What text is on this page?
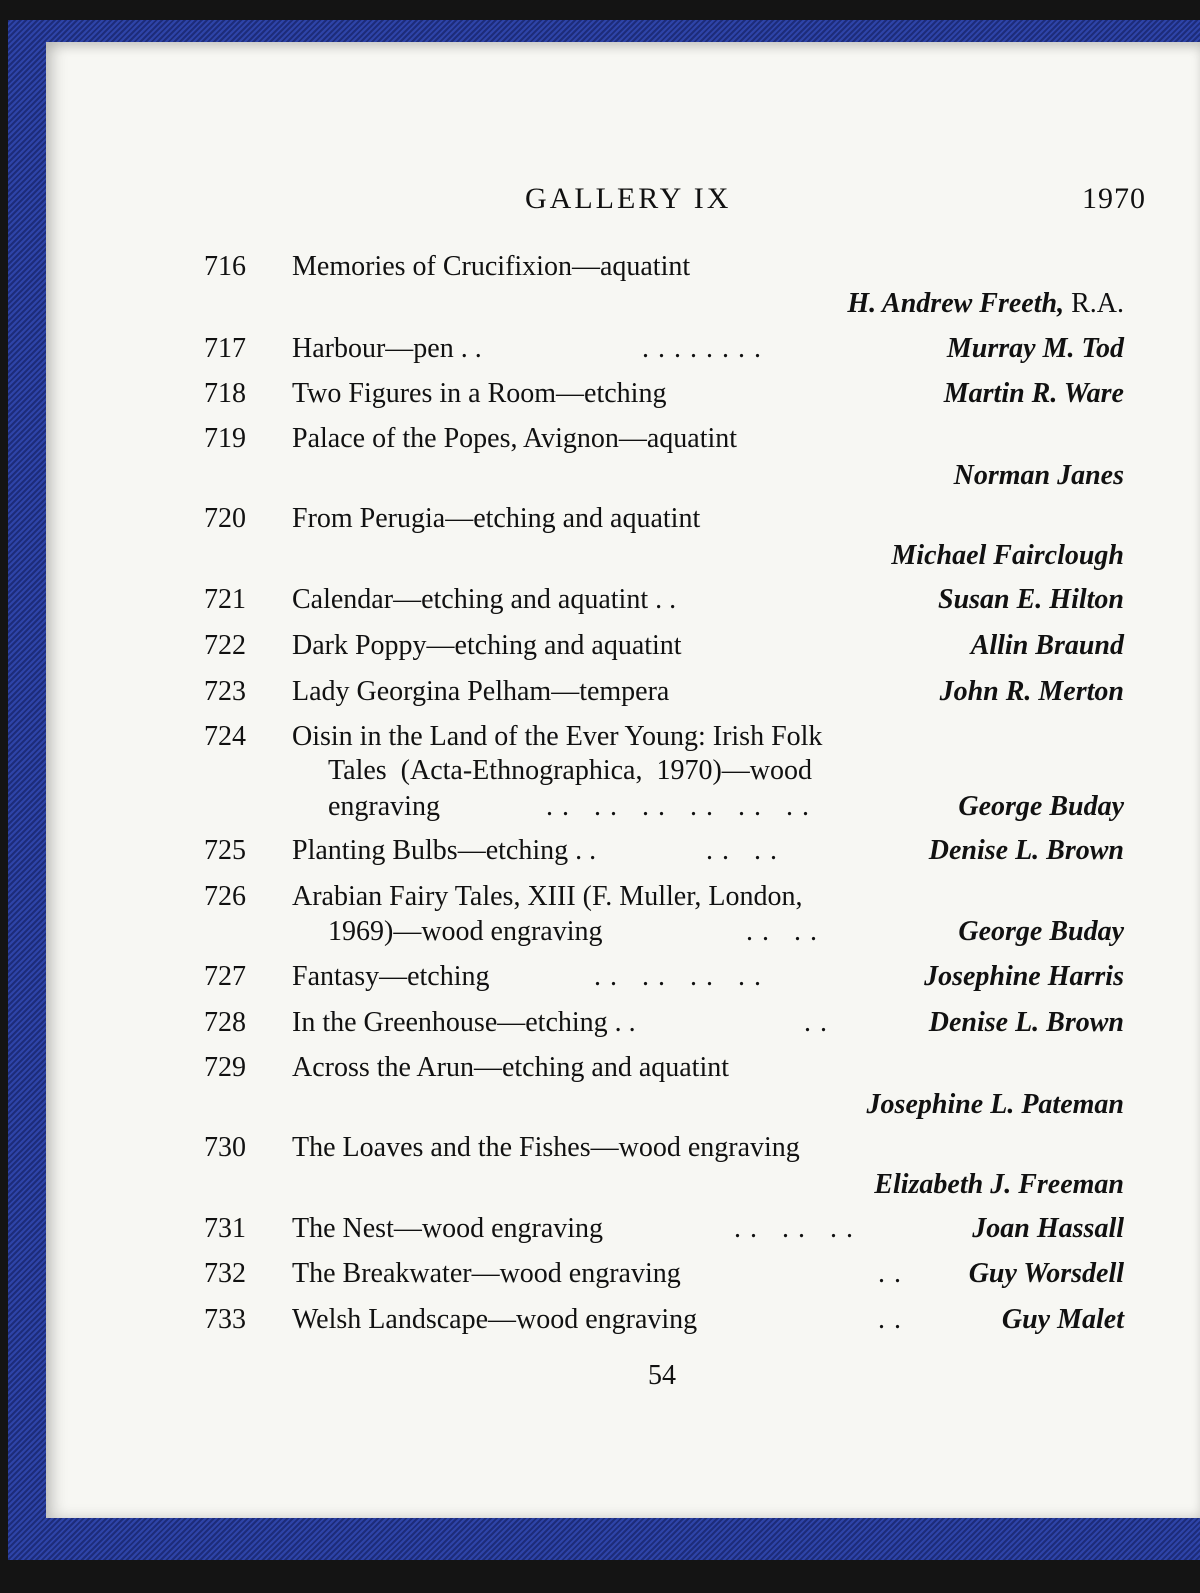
GALLERY IX	1970
716 Memories of Crucifixion—aquatint
H. Andrew Freeth, R.A.
717 Harbour—pen . .	. . . . . . . .	Murray M. Tod
718 Two Figures in a Room—etching	Martin R. Ware
719 Palace of the Popes, Avignon—aquatint
Norman Janes
720 From Perugia—etching and aquatint
Michael Fairclough
721 Calendar—etching and aquatint . .	Susan E. Hilton
722 Dark Poppy—etching and aquatint	Allin Braund
723 Lady Georgina Pelham—tempera	John R. Merton
724 Oisin in the Land of the Ever Young: Irish Folk
Tales  (Acta-Ethnographica,  1970)—wood
engraving	. .   . .   . .   . .   . .   . .	George Buday
725 Planting Bulbs—etching . .	. .   . .	Denise L. Brown
726 Arabian Fairy Tales, XIII (F. Muller, London,
1969)—wood engraving	. .   . .	George Buday
727 Fantasy—etching	. .   . .   . .   . .	Josephine Harris
728 In the Greenhouse—etching . .	. .	Denise L. Brown
729 Across the Arun—etching and aquatint
Josephine L. Pateman
730 The Loaves and the Fishes—wood engraving
Elizabeth J. Freeman
731 The Nest—wood engraving	. .   . .   . .	Joan Hassall
732 The Breakwater—wood engraving	. . Guy Worsdell
733 Welsh Landscape—wood engraving	. .	Guy Malet
54
